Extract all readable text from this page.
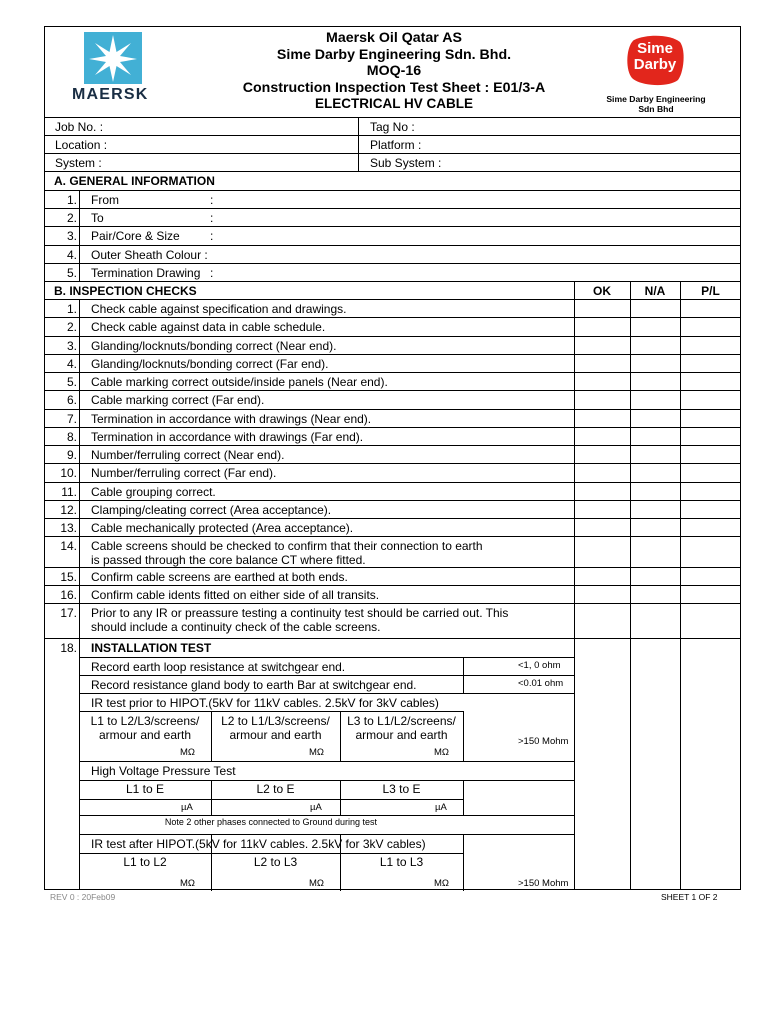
MAERSK
Maersk Oil Qatar AS
Sime Darby Engineering Sdn. Bhd.
MOQ-16
Construction Inspection Test Sheet : E01/3-A
ELECTRICAL HV CABLE
Sime
Darby
Sime Darby Engineering
Sdn Bhd
Job No. :	Tag No :
Location :	Platform :
System :	Sub System :
A. GENERAL INFORMATION
1. From	:
2. To	:
3. Pair/Core & Size	:
4. Outer Sheath Colour :
5. Termination Drawing :
B. INSPECTION CHECKS	OK	N/A	P/L
1. Check cable against specification and drawings.
2. Check cable against data in cable schedule.
3. Glanding/locknuts/bonding correct (Near end).
4. Glanding/locknuts/bonding correct (Far end).
5. Cable marking correct outside/inside panels (Near end).
6. Cable marking correct (Far end).
7. Termination in accordance with drawings (Near end).
8. Termination in accordance with drawings (Far end).
9. Number/ferruling correct (Near end).
10. Number/ferruling correct (Far end).
11. Cable grouping correct.
12. Clamping/cleating correct (Area acceptance).
13. Cable mechanically protected (Area acceptance).
14. Cable screens should be checked to confirm that their connection to earth
is passed through the core balance CT where fitted.
15. Confirm cable screens are earthed at both ends.
16. Confirm cable idents fitted on either side of all transits.
17. Prior to any IR or preassure testing a continuity test should be carried out. This
should include a continuity check of the cable screens.
18. INSTALLATION TEST
Record earth loop resistance at switchgear end.	<1, 0 ohm
Record resistance gland body to earth Bar at switchgear end.	<0.01 ohm
IR test prior to HIPOT.(5kV for 11kV cables. 2.5kV for 3kV cables)
L1 to L2/L3/screens/
armour and earth
L2 to L1/L3/screens/
armour and earth
L3 to L1/L2/screens/
armour and earth
MΩ	MΩ	MΩ
>150 Mohm
High Voltage Pressure Test
L1 to E	L2 to E	L3 to E
µA	µA	µA
Note 2 other phases connected to Ground during test
IR test after HIPOT.(5kV for 11kV cables. 2.5kV for 3kV cables)
L1 to L2	L2 to L3	L1 to L3
MΩ	MΩ	MΩ	>150 Mohm
REV 0 : 20Feb09	SHEET 1 OF 2
